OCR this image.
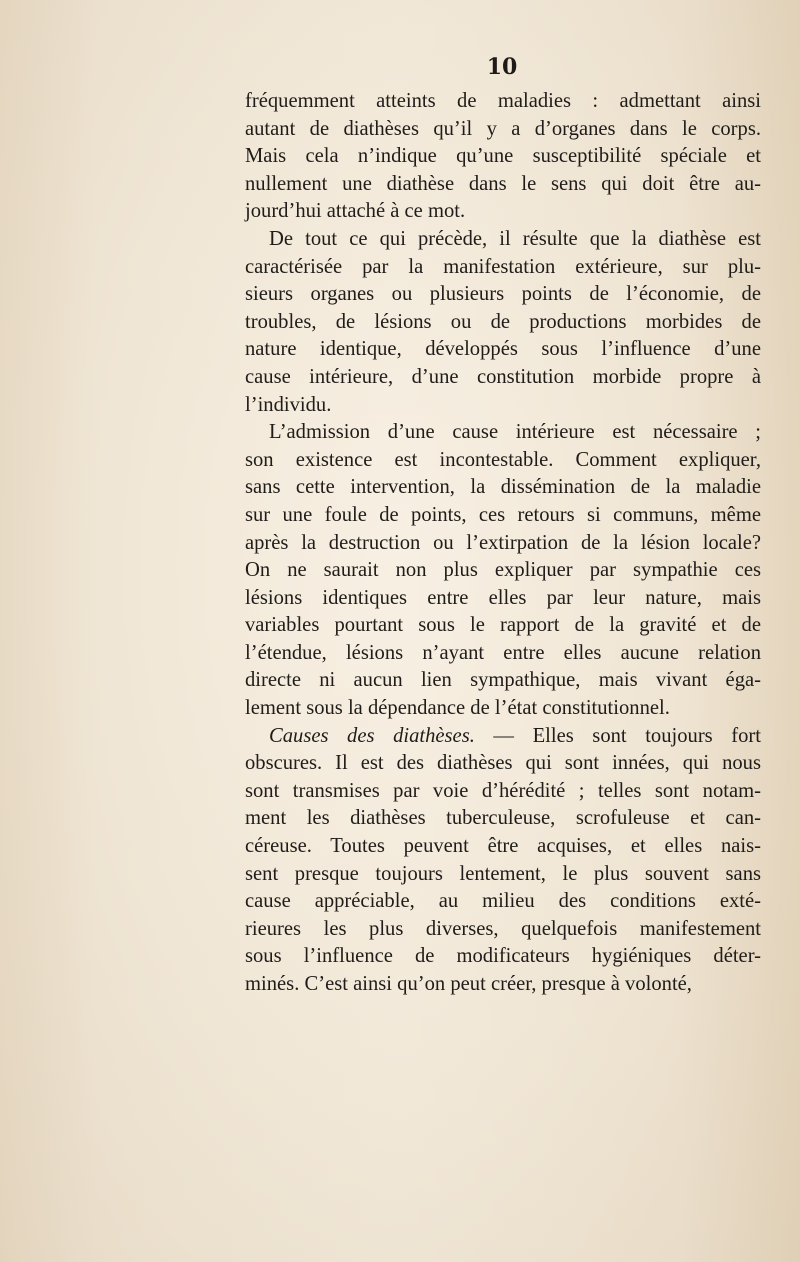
10
fréquemment atteints de maladies : admettant ainsi
autant de diathèses qu’il y a d’organes dans le corps.
Mais cela n’indique qu’une susceptibilité spéciale et
nullement une diathèse dans le sens qui doit être au-
jourd’hui attaché à ce mot.
De tout ce qui précède, il résulte que la diathèse est
caractérisée par la manifestation extérieure, sur plu-
sieurs organes ou plusieurs points de l’économie, de
troubles, de lésions ou de productions morbides de
nature identique, développés sous l’influence d’une
cause intérieure, d’une constitution morbide propre à
l’individu.
L’admission d’une cause intérieure est nécessaire ;
son existence est incontestable. Comment expliquer,
sans cette intervention, la dissémination de la maladie
sur une foule de points, ces retours si communs, même
après la destruction ou l’extirpation de la lésion locale?
On ne saurait non plus expliquer par sympathie ces
lésions identiques entre elles par leur nature, mais
variables pourtant sous le rapport de la gravité et de
l’étendue, lésions n’ayant entre elles aucune relation
directe ni aucun lien sympathique, mais vivant éga-
lement sous la dépendance de l’état constitutionnel.
Causes des diathèses. — Elles sont toujours fort
obscures. Il est des diathèses qui sont innées, qui nous
sont transmises par voie d’hérédité ; telles sont notam-
ment les diathèses tuberculeuse, scrofuleuse et can-
céreuse. Toutes peuvent être acquises, et elles nais-
sent presque toujours lentement, le plus souvent sans
cause appréciable, au milieu des conditions exté-
rieures les plus diverses, quelquefois manifestement
sous l’influence de modificateurs hygiéniques déter-
minés. C’est ainsi qu’on peut créer, presque à volonté,
